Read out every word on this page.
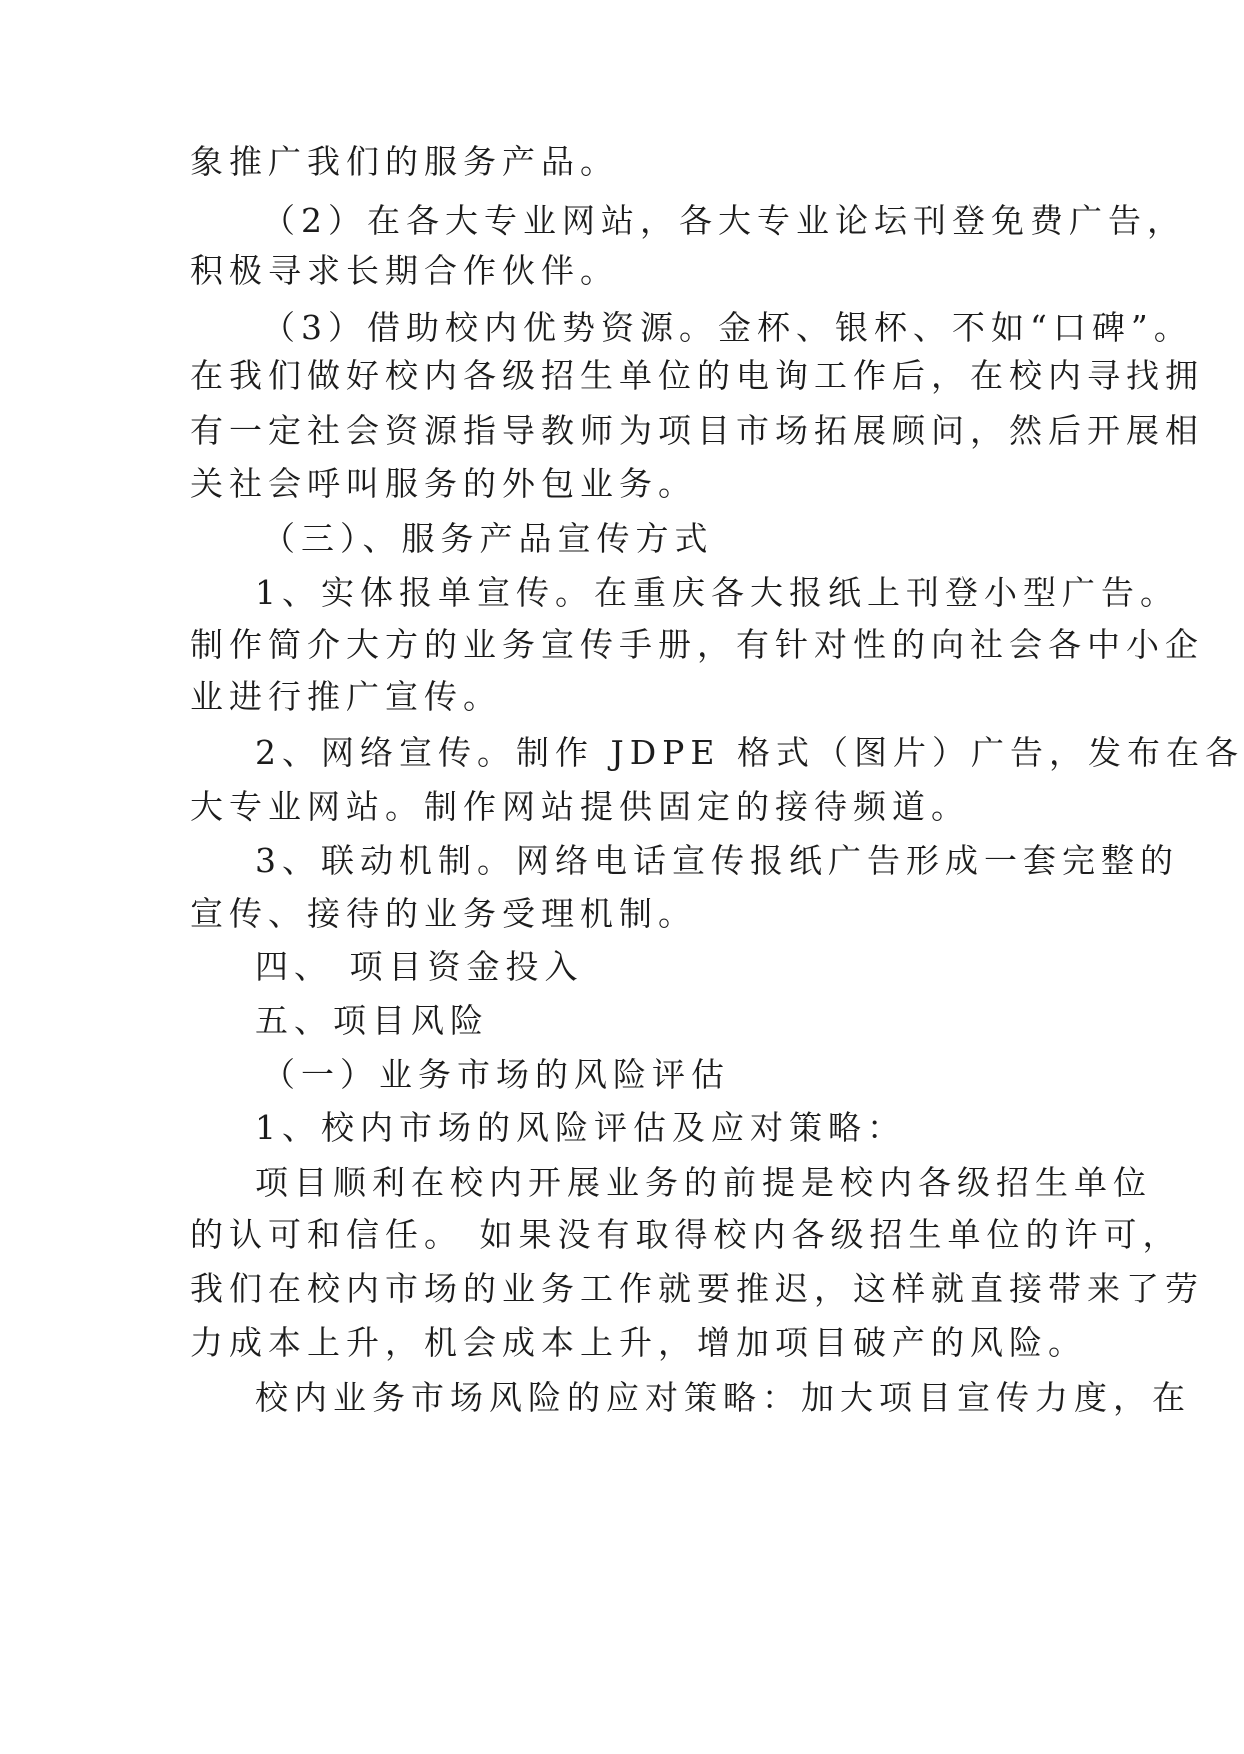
象推广我们的服务产品。
（2）在各大专业网站，各大专业论坛刊登免费广告，
积极寻求长期合作伙伴。
（3）借助校内优势资源。金杯、银杯、不如“口碑”。
在我们做好校内各级招生单位的电询工作后，在校内寻找拥
有一定社会资源指导教师为项目市场拓展顾问，然后开展相
关社会呼叫服务的外包业务。
（三）、服务产品宣传方式
1、实体报单宣传。在重庆各大报纸上刊登小型广告。
制作简介大方的业务宣传手册，有针对性的向社会各中小企
业进行推广宣传。
2、网络宣传。制作 JDPE 格式（图片）广告，发布在各
大专业网站。制作网站提供固定的接待频道。
3、联动机制。网络电话宣传报纸广告形成一套完整的
宣传、接待的业务受理机制。
四、 项目资金投入
五、项目风险
（一）业务市场的风险评估
1、校内市场的风险评估及应对策略：
项目顺利在校内开展业务的前提是校内各级招生单位
的认可和信任。 如果没有取得校内各级招生单位的许可，
我们在校内市场的业务工作就要推迟，这样就直接带来了劳
力成本上升，机会成本上升，增加项目破产的风险。
校内业务市场风险的应对策略：加大项目宣传力度，在
